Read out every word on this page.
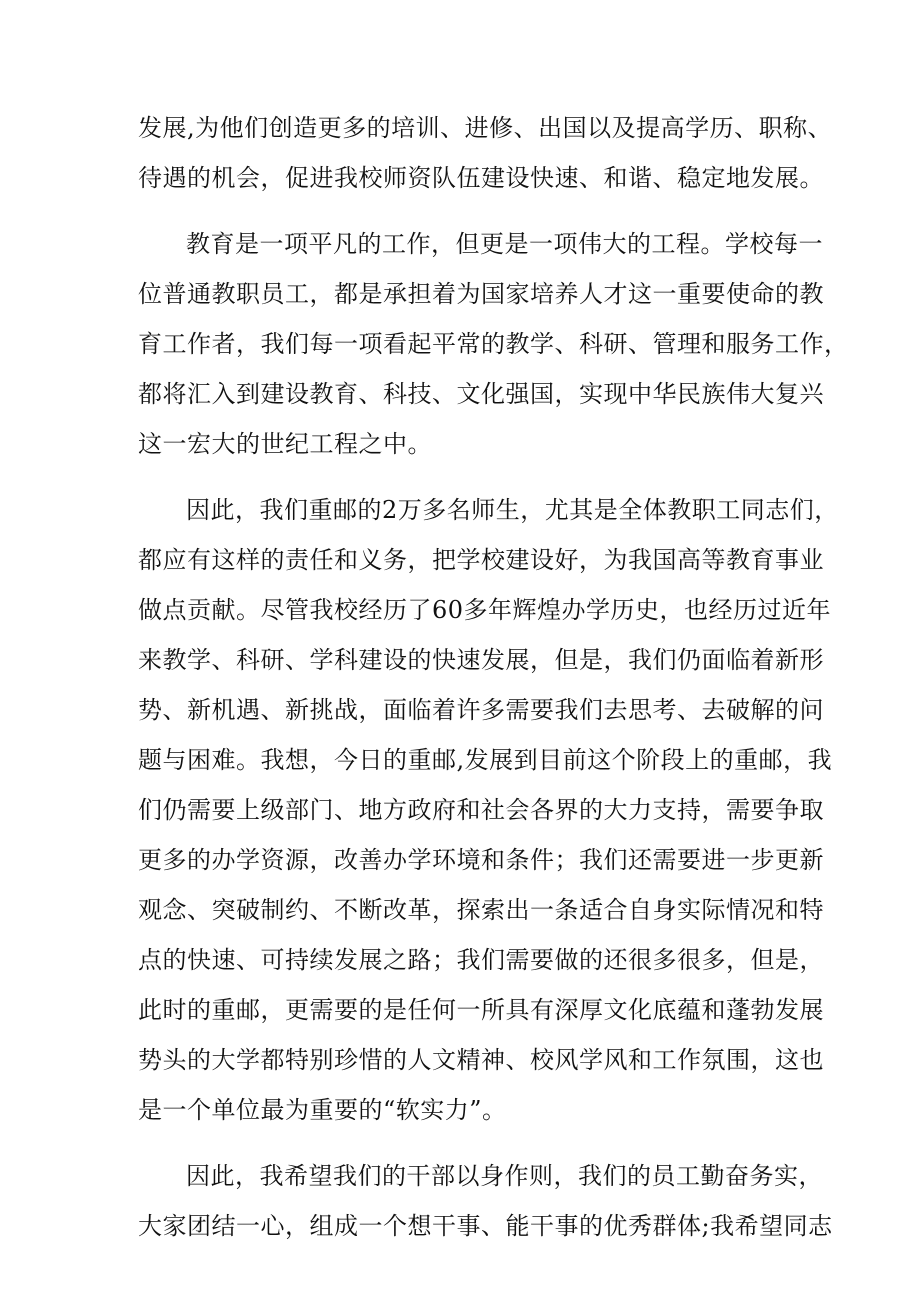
发展,为他们创造更多的培训、进修、出国以及提高学历、职称、
待遇的机会，促进我校师资队伍建设快速、和谐、稳定地发展。
教育是一项平凡的工作，但更是一项伟大的工程。学校每一
位普通教职员工，都是承担着为国家培养人才这一重要使命的教
育工作者，我们每一项看起平常的教学、科研、管理和服务工作，
都将汇入到建设教育、科技、文化强国，实现中华民族伟大复兴
这一宏大的世纪工程之中。
因此，我们重邮的2万多名师生，尤其是全体教职工同志们，
都应有这样的责任和义务，把学校建设好，为我国高等教育事业
做点贡献。尽管我校经历了60多年辉煌办学历史，也经历过近年
来教学、科研、学科建设的快速发展，但是，我们仍面临着新形
势、新机遇、新挑战，面临着许多需要我们去思考、去破解的问
题与困难。我想，今日的重邮,发展到目前这个阶段上的重邮，我
们仍需要上级部门、地方政府和社会各界的大力支持，需要争取
更多的办学资源，改善办学环境和条件；我们还需要进一步更新
观念、突破制约、不断改革，探索出一条适合自身实际情况和特
点的快速、可持续发展之路；我们需要做的还很多很多，但是，
此时的重邮，更需要的是任何一所具有深厚文化底蕴和蓬勃发展
势头的大学都特别珍惜的人文精神、校风学风和工作氛围，这也
是一个单位最为重要的“软实力”。
因此，我希望我们的干部以身作则，我们的员工勤奋务实，
大家团结一心，组成一个想干事、能干事的优秀群体;我希望同志
